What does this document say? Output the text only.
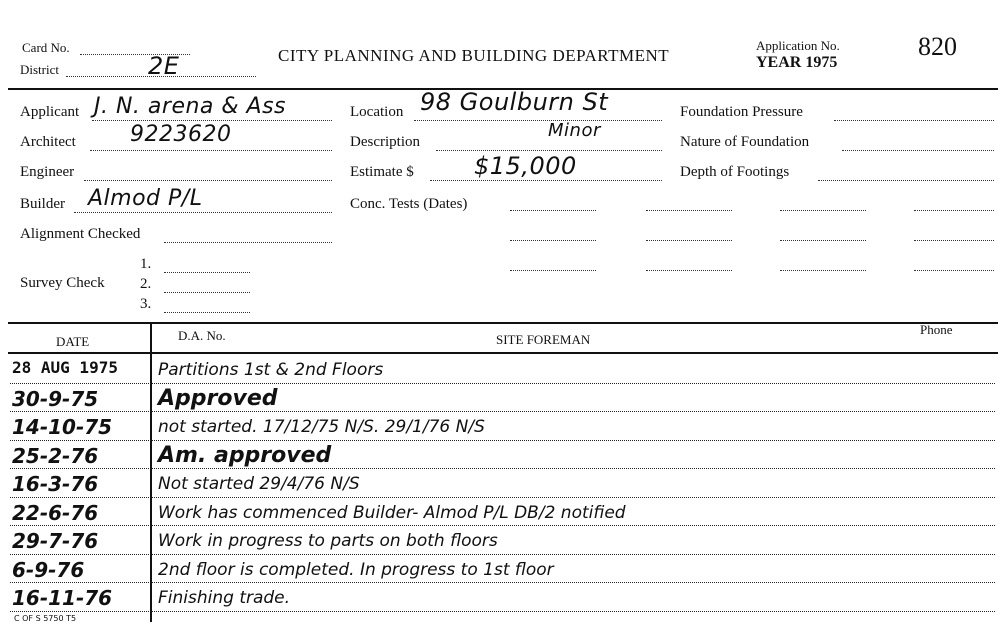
Card No.
District	2E	CITY PLANNING AND BUILDING DEPARTMENT
Application No.
YEAR 1975
820
Applicant J. N. arena & Ass
Architect 9223620
Engineer
Builder Almod P/L
Alignment Checked
Survey Check
1.
2.
3.
Location 98 Goulburn St
Description
Minor
Estimate $	$15,000
Conc. Tests (Dates)
Foundation Pressure
Nature of Foundation
Depth of Footings
DATE	D.A. No.	SITE FOREMAN
Phone
28 AUG 1975 Partitions 1st & 2nd Floors
30-9-75	Approved
14-10-75	not started. 17/12/75 N/S. 29/1/76 N/S
25-2-76	Am. approved
16-3-76	Not started 29/4/76 N/S
22-6-76	Work has commenced Builder- Almod P/L DB/2 notified
29-7-76	Work in progress to parts on both floors
6-9-76	2nd floor is completed. In progress to 1st floor
16-11-76	Finishing trade.
C OF S 5750 T5
